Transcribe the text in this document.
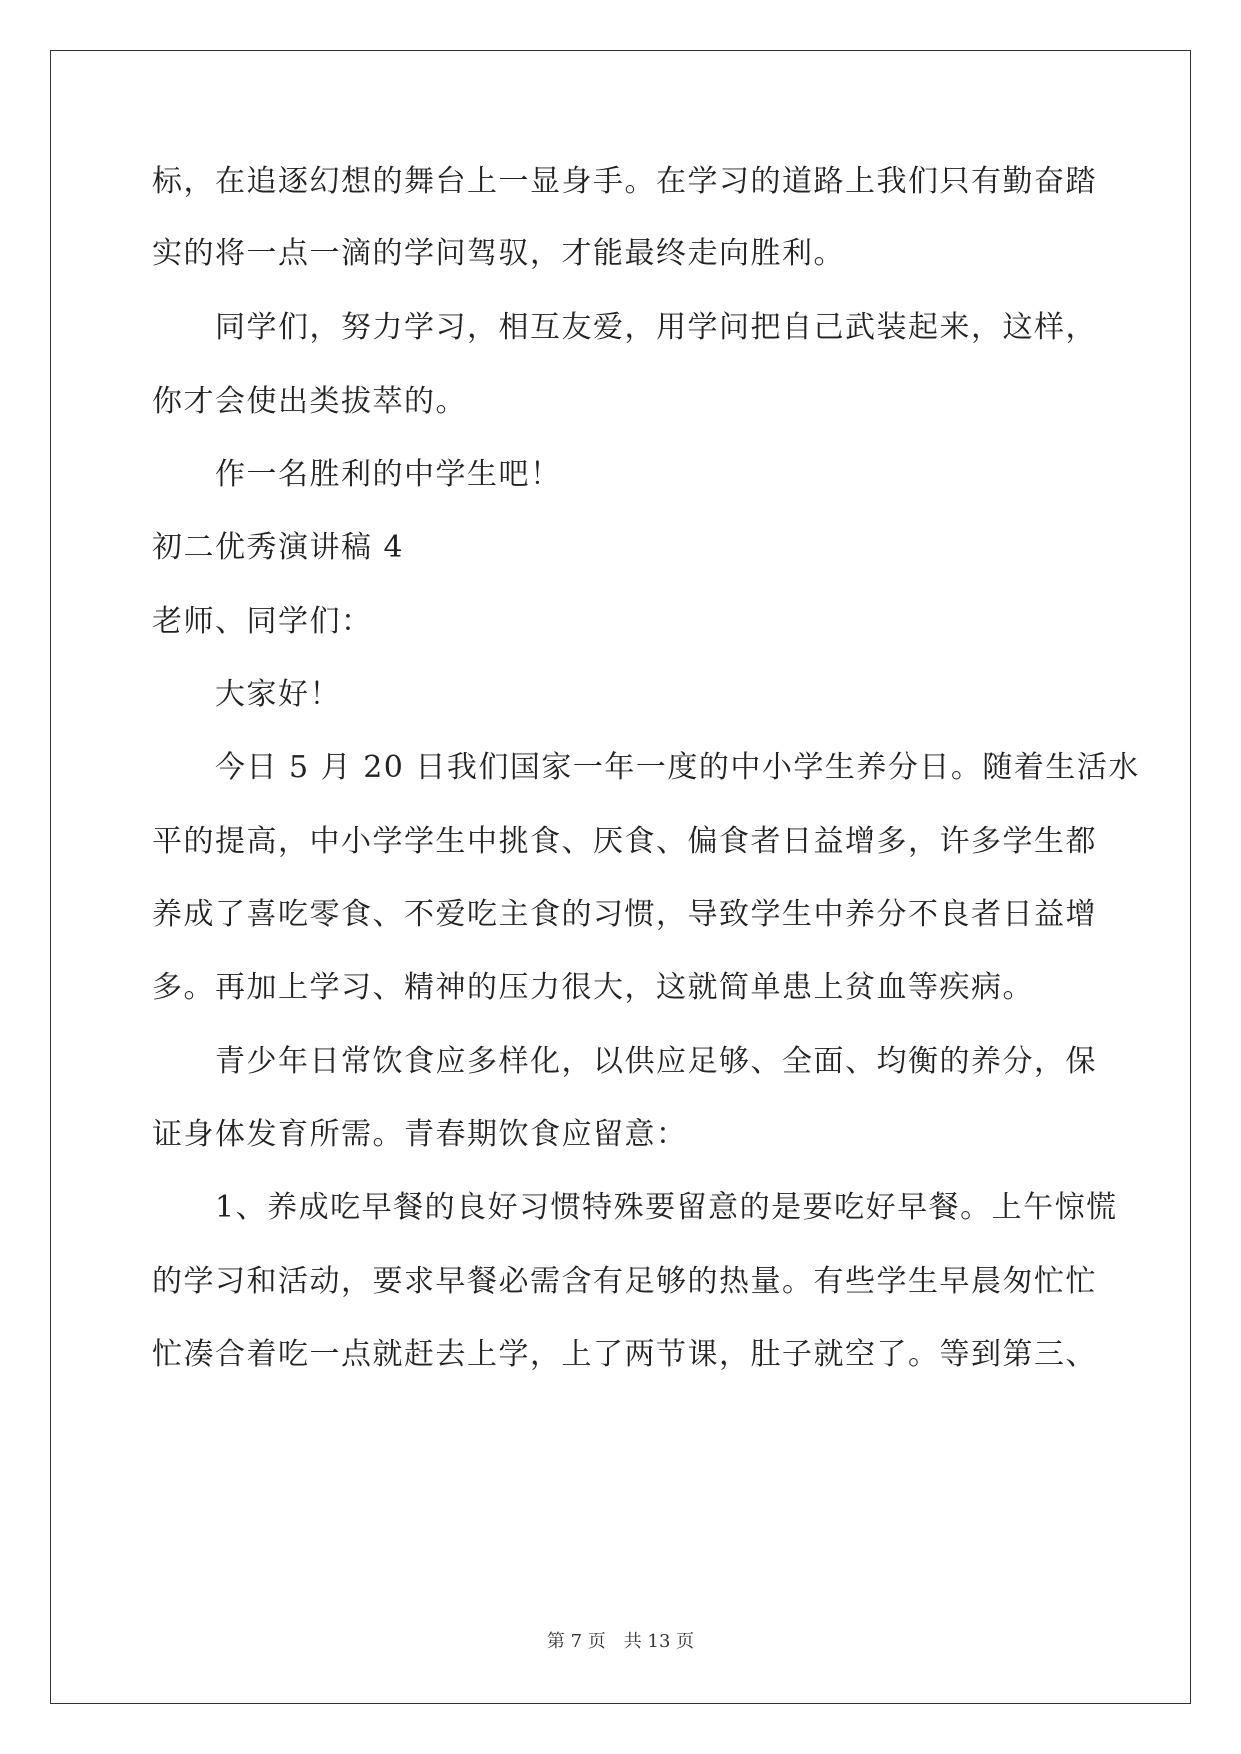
标，在追逐幻想的舞台上一显身手。在学习的道路上我们只有勤奋踏
实的将一点一滴的学问驾驭，才能最终走向胜利。
同学们，努力学习，相互友爱，用学问把自己武装起来，这样，
你才会使出类拔萃的。
作一名胜利的中学生吧！
初二优秀演讲稿 4
老师、同学们：
大家好！
今日 5 月 20 日我们国家一年一度的中小学生养分日。随着生活水
平的提高，中小学学生中挑食、厌食、偏食者日益增多，许多学生都
养成了喜吃零食、不爱吃主食的习惯，导致学生中养分不良者日益增
多。再加上学习、精神的压力很大，这就简单患上贫血等疾病。
青少年日常饮食应多样化，以供应足够、全面、均衡的养分，保
证身体发育所需。青春期饮食应留意：
1、养成吃早餐的良好习惯特殊要留意的是要吃好早餐。上午惊慌
的学习和活动，要求早餐必需含有足够的热量。有些学生早晨匆忙忙
忙凑合着吃一点就赶去上学，上了两节课，肚子就空了。等到第三、
第 7 页　 共 13 页
